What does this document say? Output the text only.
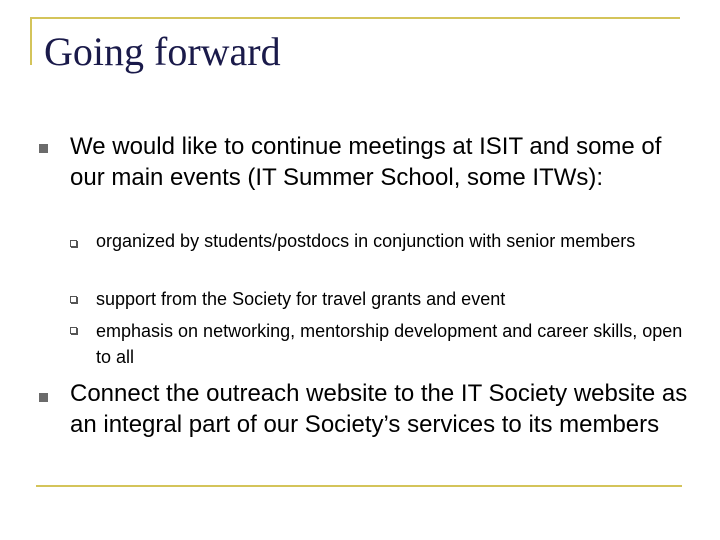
Going forward
We would like to continue meetings at ISIT and some of our main events (IT Summer School, some ITWs):
organized by students/postdocs in conjunction with senior members
support from the Society for travel grants and event
emphasis on networking, mentorship development and career skills, open to all
Connect the outreach website to the IT Society website as an integral part of our Society’s services to its members
